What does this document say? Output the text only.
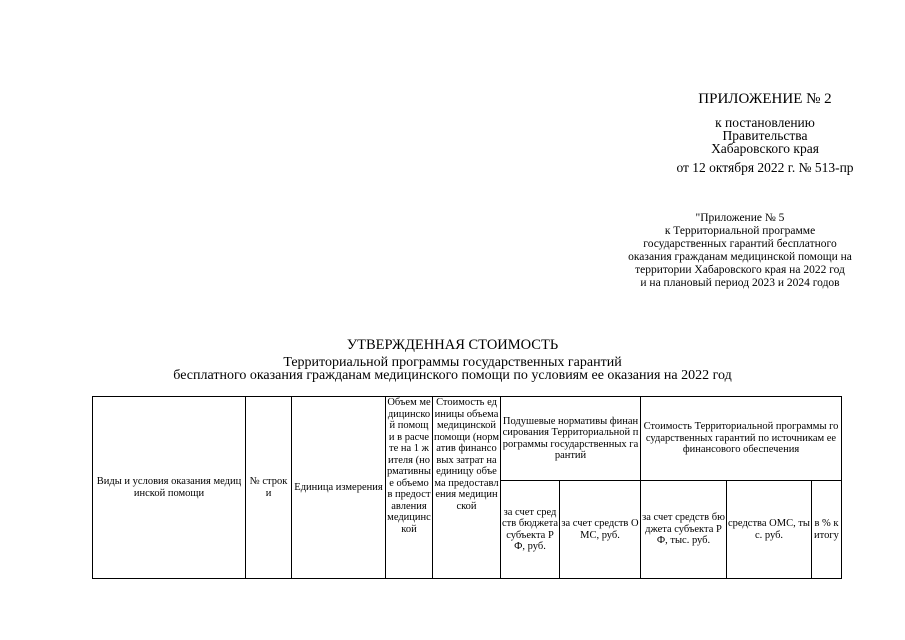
ПРИЛОЖЕНИЕ № 2
к постановлению
Правительства
Хабаровского края
от 12 октября 2022 г. № 513-пр
"Приложение № 5
к Территориальной программе
государственных гарантий бесплатного
оказания гражданам медицинской помощи на
территории Хабаровского края на 2022 год
и на плановый период 2023 и 2024 годов
УТВЕРЖДЕННАЯ СТОИМОСТЬ
Территориальной программы государственных гарантий
бесплатного оказания гражданам медицинского помощи по условиям ее оказания на 2022 год
Виды и условия оказания медицинской помощи	№ строки	Единица измерения	Объем медицинской помощи в расчете на 1 жителя (нормативные объемов предоставления медицинской	Стоимость единицы объема медицинской помощи (норматив финансовых затрат на единицу объема предоставления медицинской	Подушевые нормативы финансирования Территориальной программы государственных гарантий		Стоимость Территориальной программы государственных гарантий по источникам ее финансового обеспечения		
					за счет средств бюджета субъекта РФ, руб.	за счет средств ОМС, руб.	за счет средств бюджета субъекта РФ, тыс. руб.	средства ОМС, тыс. руб.	в % к итогу
